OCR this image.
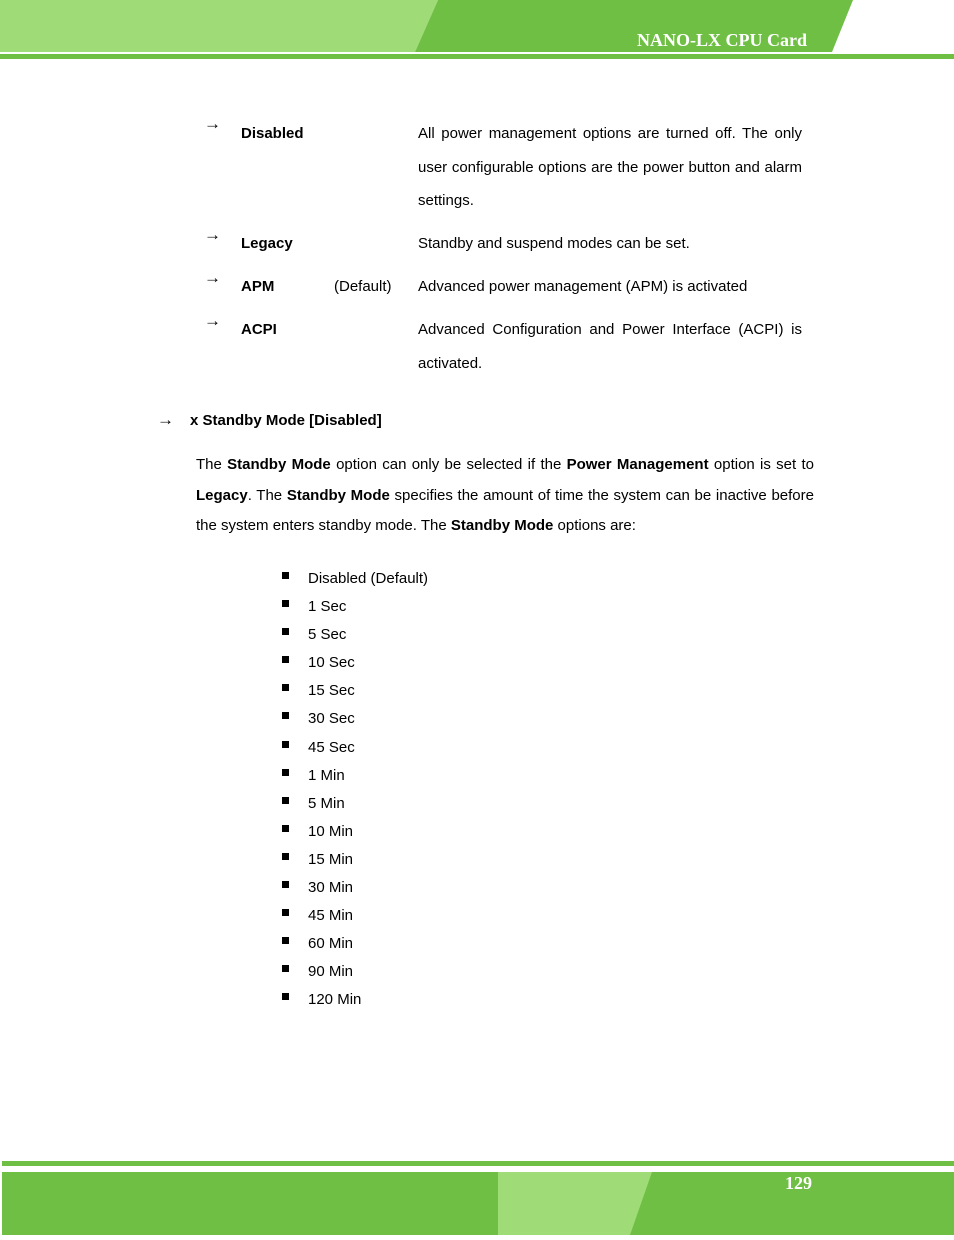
NANO-LX CPU Card
→
Disabled	All power management options are turned off. The only user configurable options are the power button and alarm settings.
→ Legacy	Standby and suspend modes can be set.
→ APM	(Default) Advanced power management (APM) is activated
→ ACPI	Advanced Configuration and Power Interface (ACPI) is activated.
→ x Standby Mode [Disabled]
The Standby Mode option can only be selected if the Power Management option is set to Legacy. The Standby Mode specifies the amount of time the system can be inactive before the system enters standby mode. The Standby Mode options are:
Disabled (Default)
1 Sec
5 Sec
10 Sec
15 Sec
30 Sec
45 Sec
1 Min
5 Min
10 Min
15 Min
30 Min
45 Min
60 Min
90 Min
120 Min
129
